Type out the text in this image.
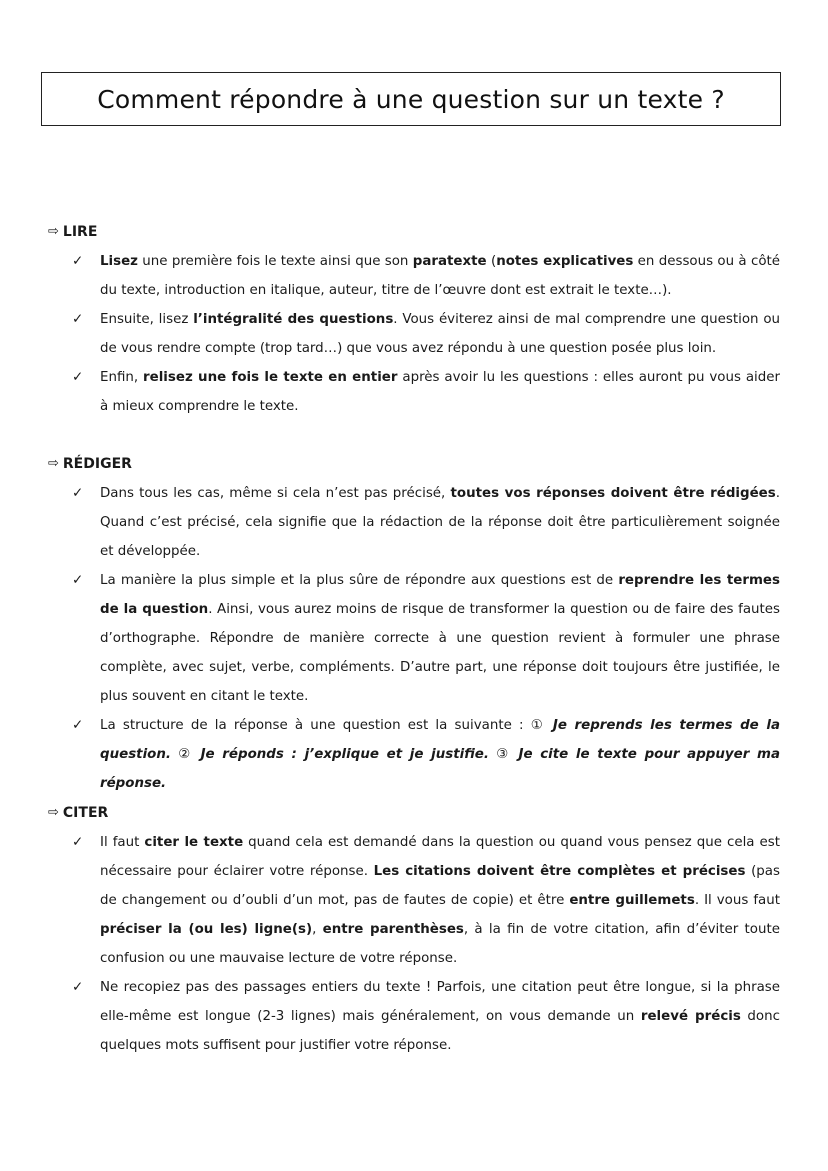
Comment répondre à une question sur un texte ?
⇨ LIRE
✓ Lisez une première fois le texte ainsi que son paratexte (notes explicatives en dessous ou à côté du texte, introduction en italique, auteur, titre de l’œuvre dont est extrait le texte…).

✓ Ensuite, lisez l’intégralité des questions. Vous éviterez ainsi de mal comprendre une question ou de vous rendre compte (trop tard…) que vous avez répondu à une question posée plus loin.

✓ Enfin, relisez une fois le texte en entier après avoir lu les questions : elles auront pu vous aider à mieux comprendre le texte.

⇨ RÉDIGER
✓ Dans tous les cas, même si cela n’est pas précisé, toutes vos réponses doivent être rédigées. Quand c’est précisé, cela signifie que la rédaction de la réponse doit être particulièrement soignée et développée.

✓ La manière la plus simple et la plus sûre de répondre aux questions est de reprendre les termes de la question. Ainsi, vous aurez moins de risque de transformer la question ou de faire des fautes d’orthographe. Répondre de manière correcte à une question revient à formuler une phrase complète, avec sujet, verbe, compléments. D’autre part, une réponse doit toujours être justifiée, le plus souvent en citant le texte.

✓ La structure de la réponse à une question est la suivante : ① Je reprends les termes de la question. ② Je réponds : j’explique et je justifie. ③ Je cite le texte pour appuyer ma réponse.

⇨ CITER
✓ Il faut citer le texte quand cela est demandé dans la question ou quand vous pensez que cela est nécessaire pour éclairer votre réponse. Les citations doivent être complètes et précises (pas de changement ou d’oubli d’un mot, pas de fautes de copie) et être entre guillemets. Il vous faut préciser la (ou les) ligne(s), entre parenthèses, à la fin de votre citation, afin d’éviter toute confusion ou une mauvaise lecture de votre réponse.

✓ Ne recopiez pas des passages entiers du texte ! Parfois, une citation peut être longue, si la phrase elle-même est longue (2-3 lignes) mais généralement, on vous demande un relevé précis donc quelques mots suffisent pour justifier votre réponse.
